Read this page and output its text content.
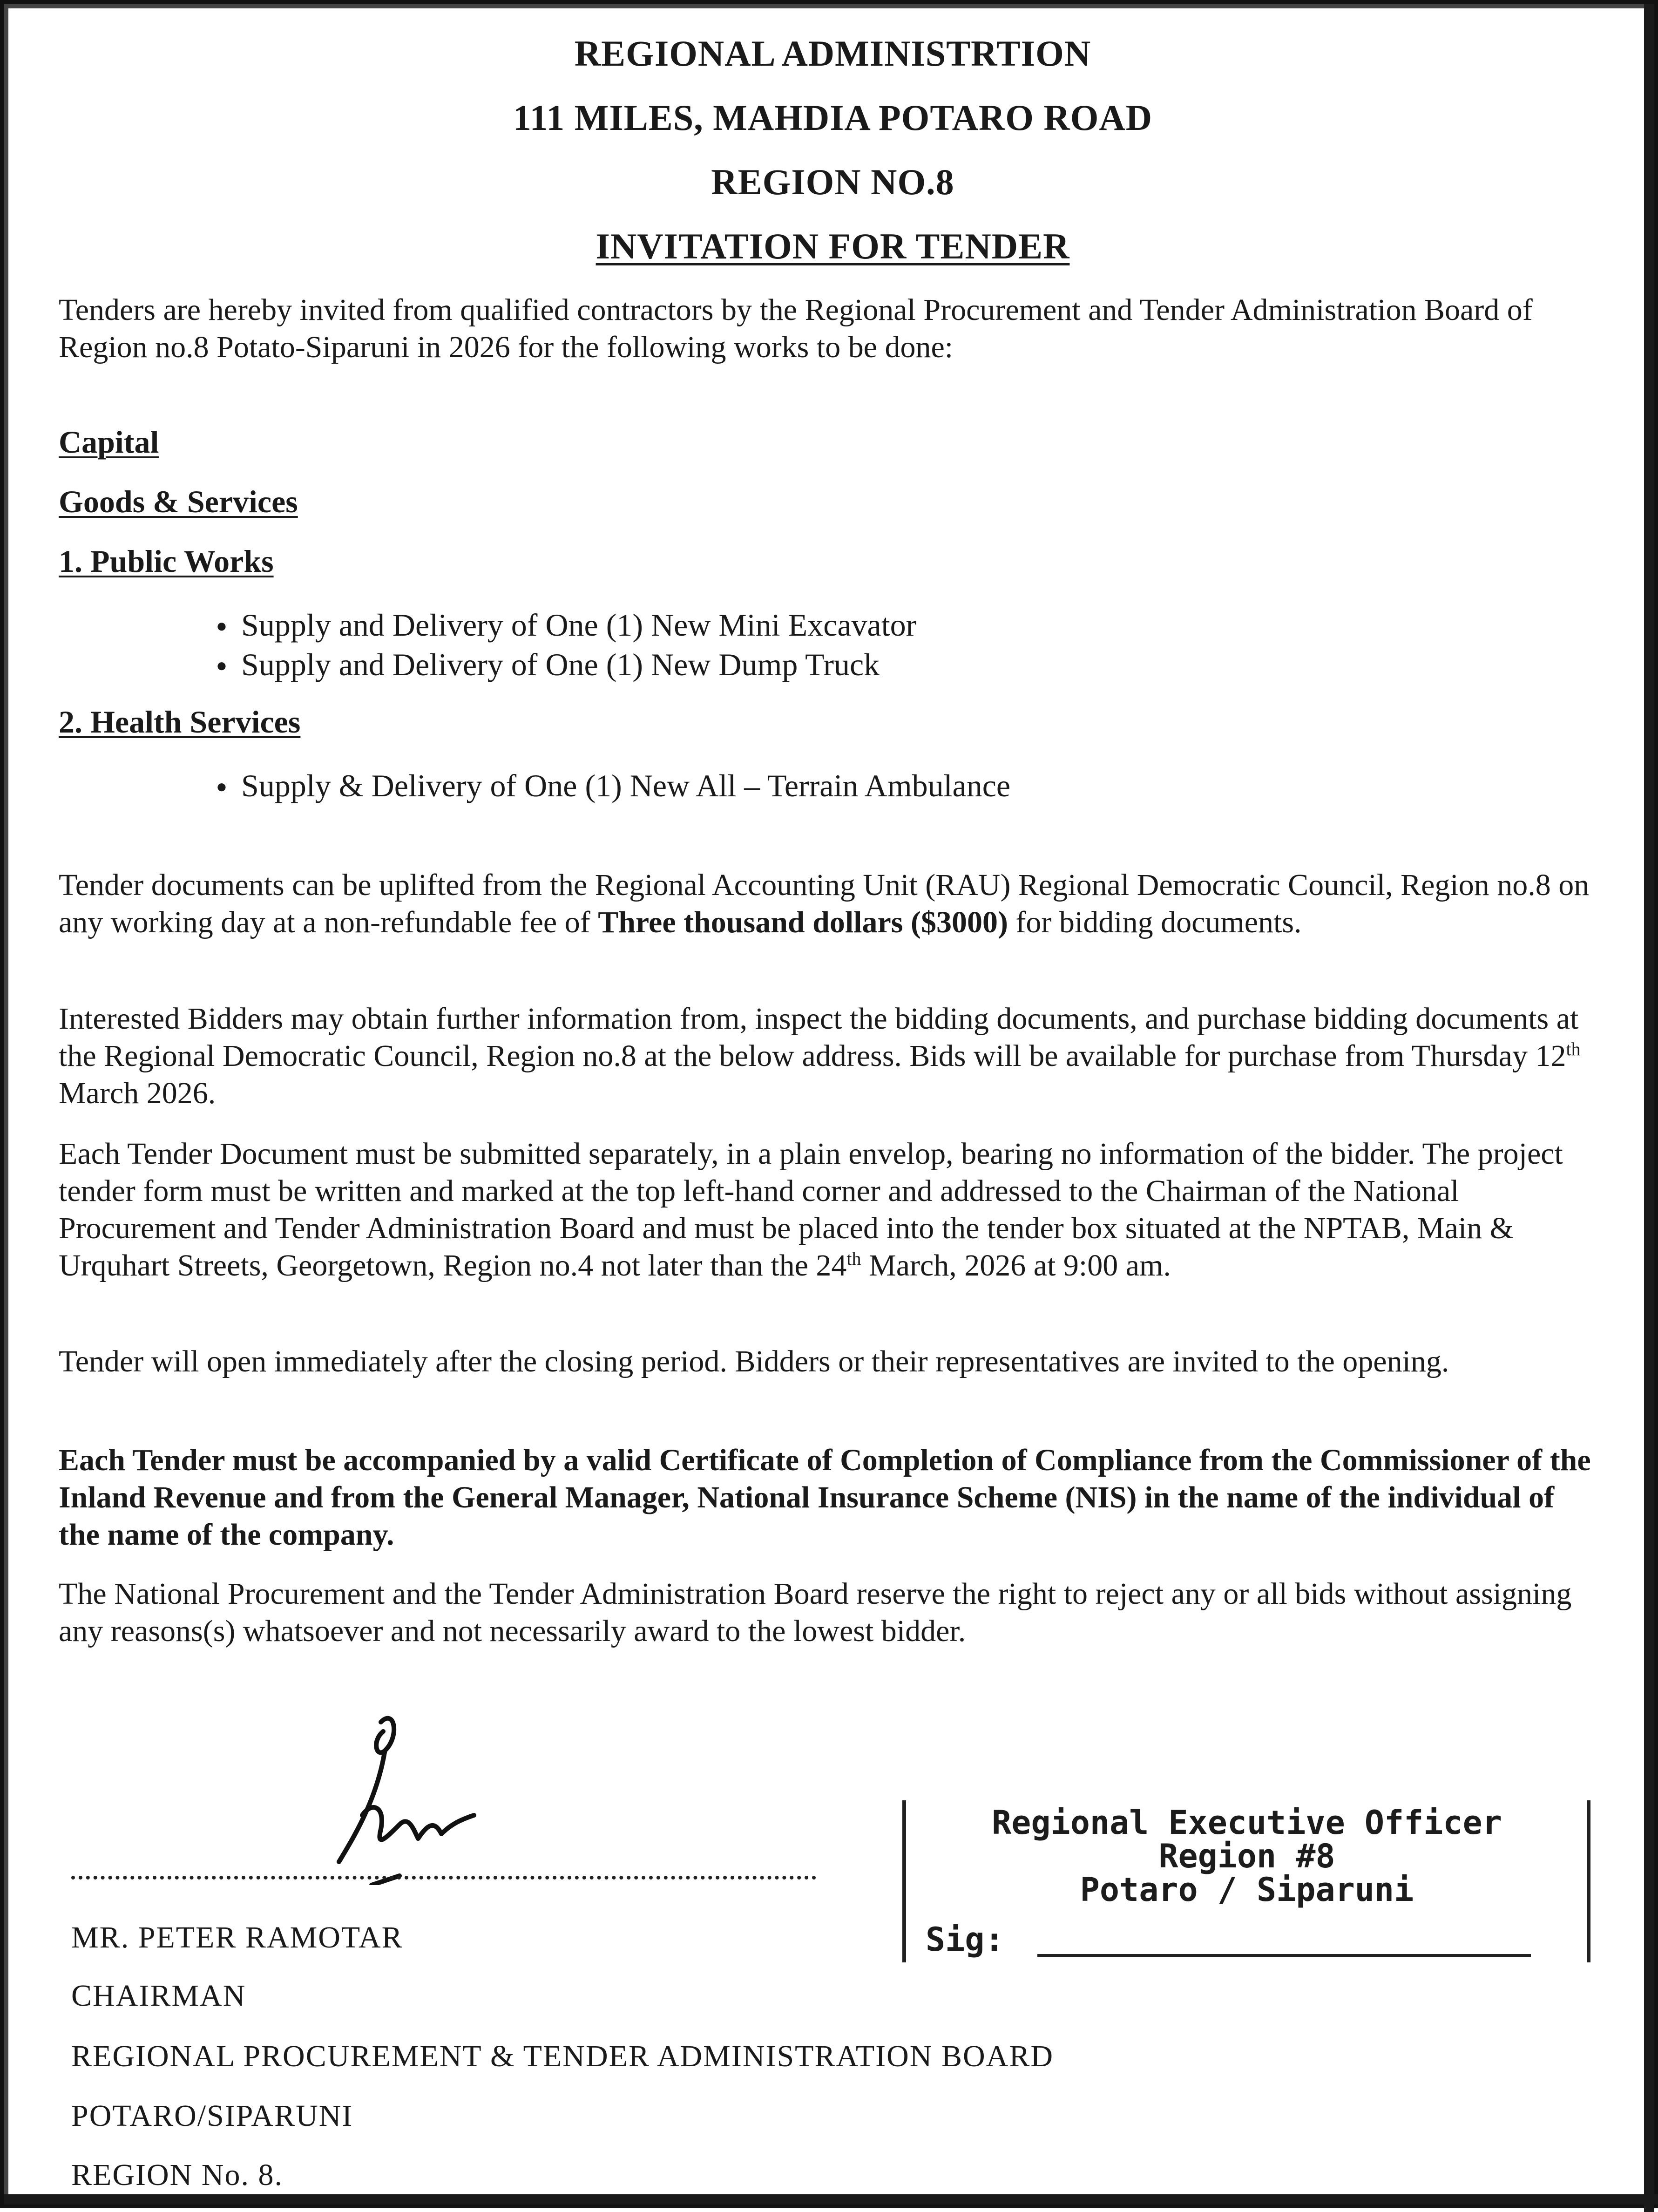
REGIONAL ADMINISTRTION
111 MILES, MAHDIA POTARO ROAD
REGION NO.8
INVITATION FOR TENDER
Tenders are hereby invited from qualified contractors by the Regional Procurement and Tender Administration Board of Region no.8 Potato-Siparuni in 2026 for the following works to be done:
Capital
Goods & Services
1. Public Works
●
Supply and Delivery of One (1) New Mini Excavator
●
Supply and Delivery of One (1) New Dump Truck
2. Health Services
●
Supply & Delivery of One (1) New All – Terrain Ambulance
Tender documents can be uplifted from the Regional Accounting Unit (RAU) Regional Democratic Council, Region no.8 on any working day at a non-refundable fee of Three thousand dollars ($3000) for bidding documents.
Interested Bidders may obtain further information from, inspect the bidding documents, and purchase bidding documents at the Regional Democratic Council, Region no.8 at the below address. Bids will be available for purchase from Thursday 12th March 2026.
Each Tender Document must be submitted separately, in a plain envelop, bearing no information of the bidder. The project tender form must be written and marked at the top left-hand corner and addressed to the Chairman of the National Procurement and Tender Administration Board and must be placed into the tender box situated at the NPTAB, Main & Urquhart Streets, Georgetown, Region no.4 not later than the 24th March, 2026 at 9:00 am.
Tender will open immediately after the closing period. Bidders or their representatives are invited to the opening.
Each Tender must be accompanied by a valid Certificate of Completion of Compliance from the Commissioner of the Inland Revenue and from the General Manager, National Insurance Scheme (NIS) in the name of the individual of the name of the company.
The National Procurement and the Tender Administration Board reserve the right to reject any or all bids without assigning any reasons(s) whatsoever and not necessarily award to the lowest bidder.
MR. PETER RAMOTAR
CHAIRMAN
REGIONAL PROCUREMENT & TENDER ADMINISTRATION BOARD
POTARO/SIPARUNI
REGION No. 8.
Regional Executive Officer
Region #8
Potaro / Siparuni
Sig:
